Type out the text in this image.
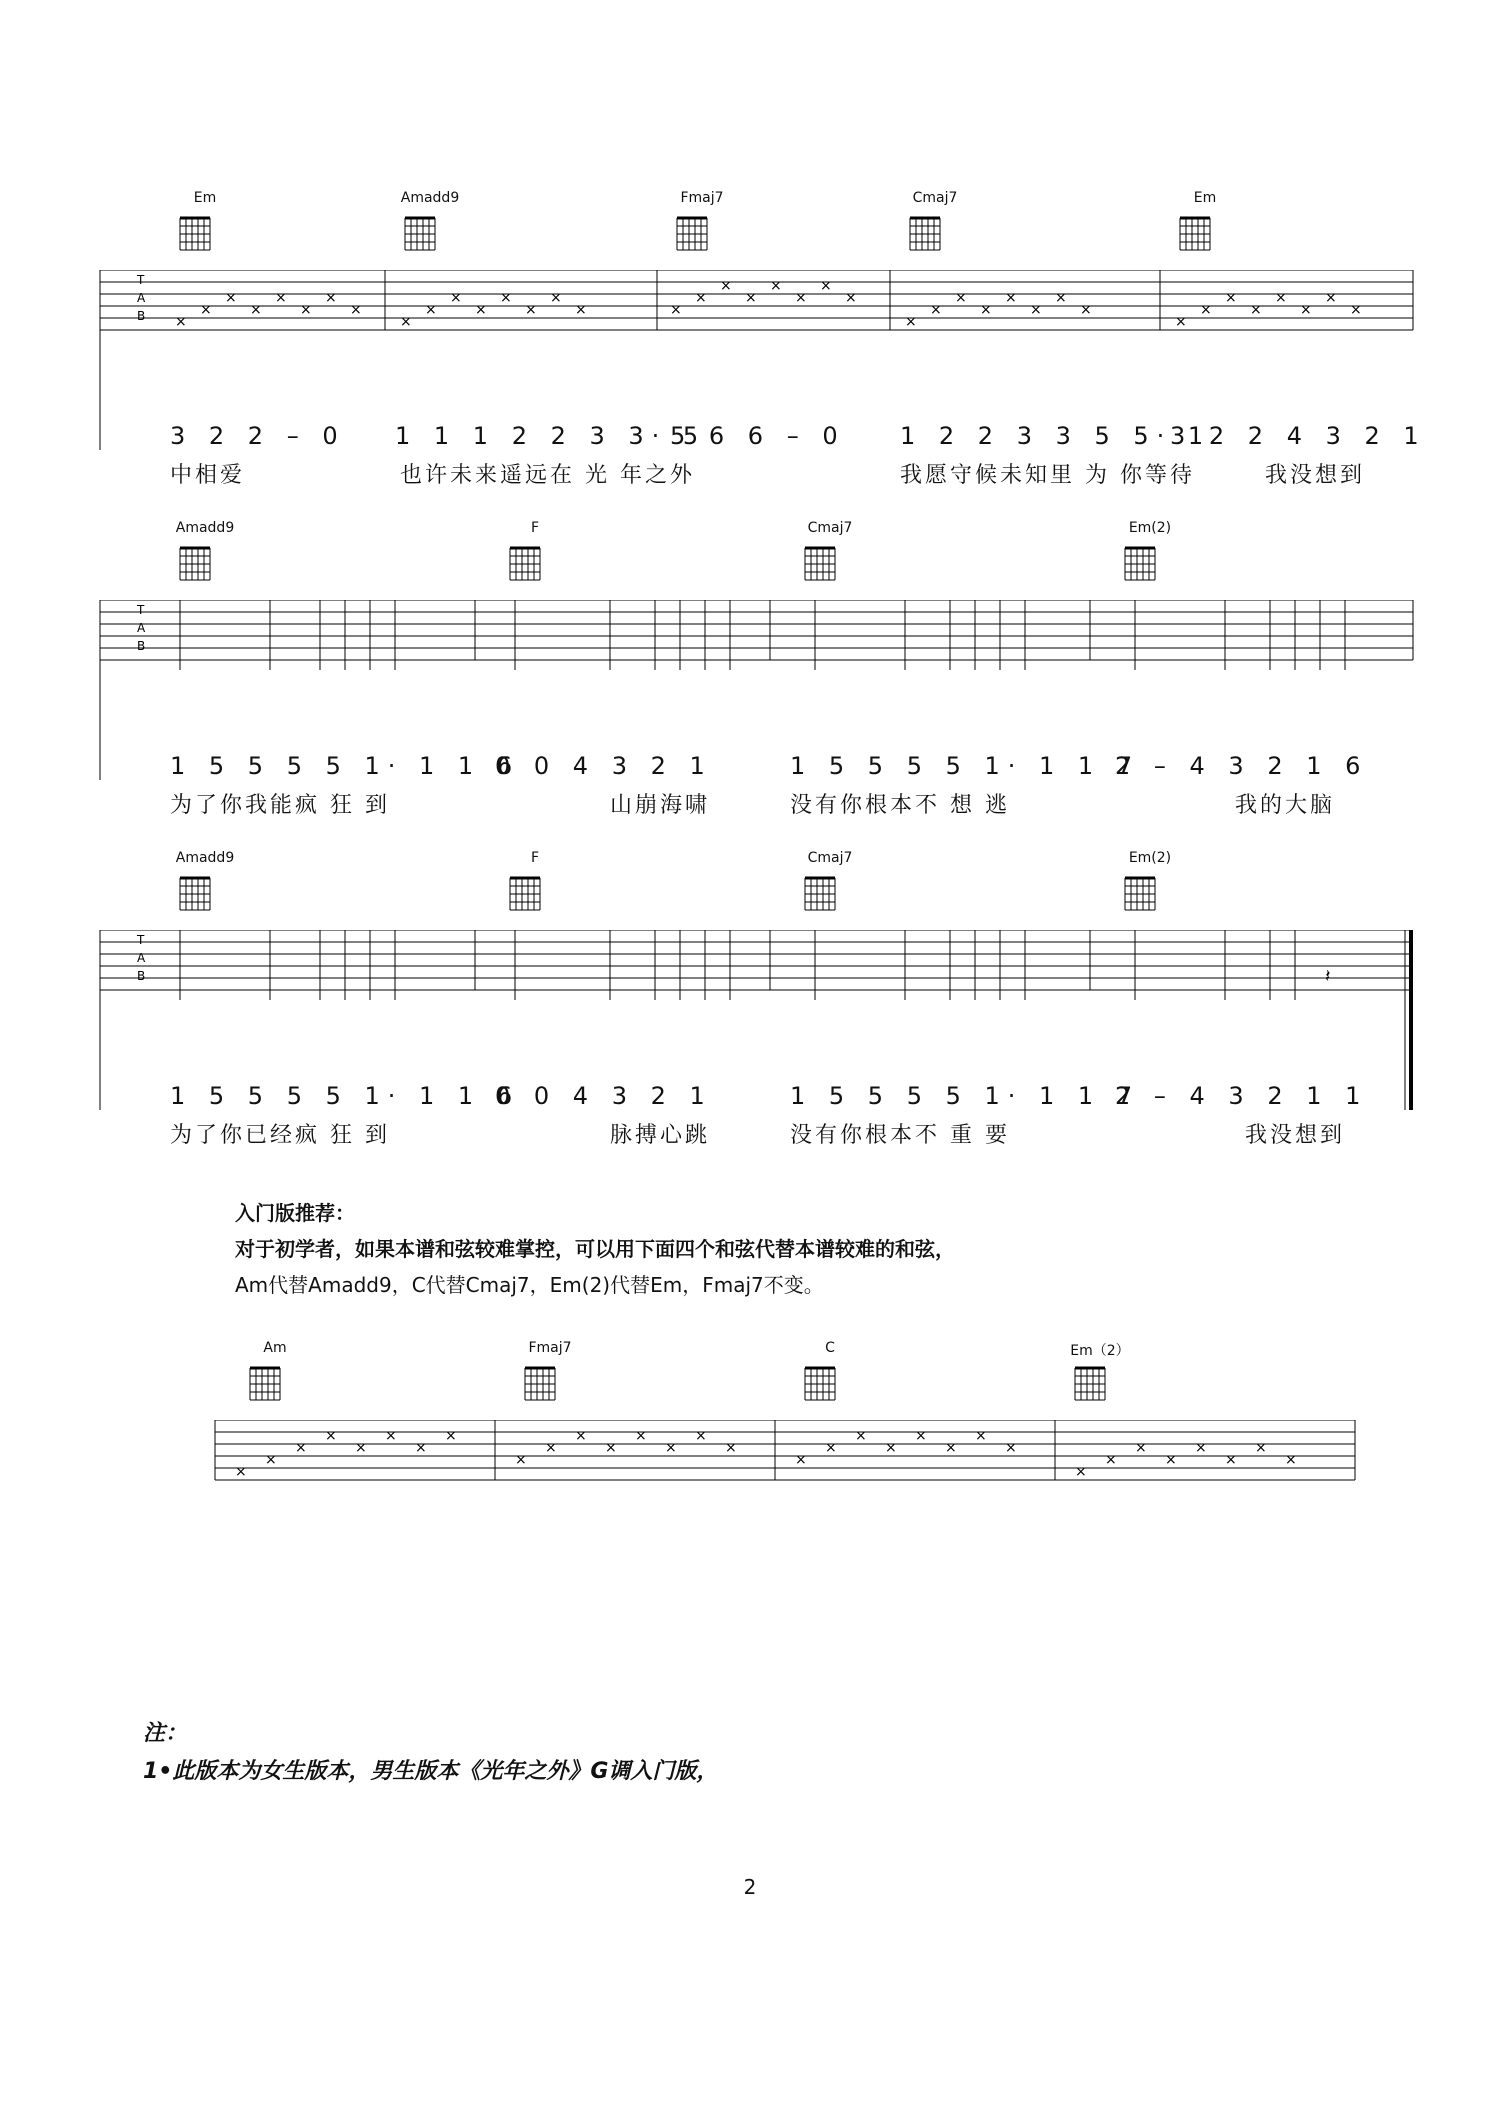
Em	Amadd9	Fmaj7	Cmaj7	Em
T
A
B ×
×
×
×
×
×
×
×
×
×
×
×
×
×
×
×	×
×
×
×
×
×
×
×
×
×
×
×
×
×
×
×
×
×
×
×
×
×
×
×
3 2 2 – 0 1 1 1 2 2 3 3· 5
5 6 6 – 0 1 2 2 3 3 5 5· 1
3 2 2 4 3 2 1
中相爱	也许未来遥远在 光 年之外	我愿守候未知里 为 你等待	我没想到
Amadd9	F	Cmaj7	Em(2)
T
A
B
1 5 5 5 5 1· 1 1 6
0 0 4 3 2 1	1 5 5 5 5 1· 1 1 7
2 – 4 3 2 1 6
为了你我能疯 狂 到	山崩海啸	没有你根本不 想 逃	我的大脑
Amadd9	F	Cmaj7	Em(2)
T
A
B	𝄽
1 5 5 5 5 1· 1 1 6
0 0 4 3 2 1	1 5 5 5 5 1· 1 1 7
2 – 4 3 2 1 1
为了你已经疯 狂 到	脉搏心跳	没有你根本不 重 要	我没想到
入门版推荐：
对于初学者，如果本谱和弦较难掌控，可以用下面四个和弦代替本谱较难的和弦，
Am代替Amadd9，C代替Cmaj7，Em(2)代替Em，Fmaj7不变。
Am	Fmaj7	C	Em（2）
×
×
×
×
×
×
×
×
×
×
×
×
×
×
×
×
×
×
×
×
×
×
×
×
×
×
×
×
×
×
×
×
注：
1•此版本为女生版本，男生版本《光年之外》G调入门版，
2
